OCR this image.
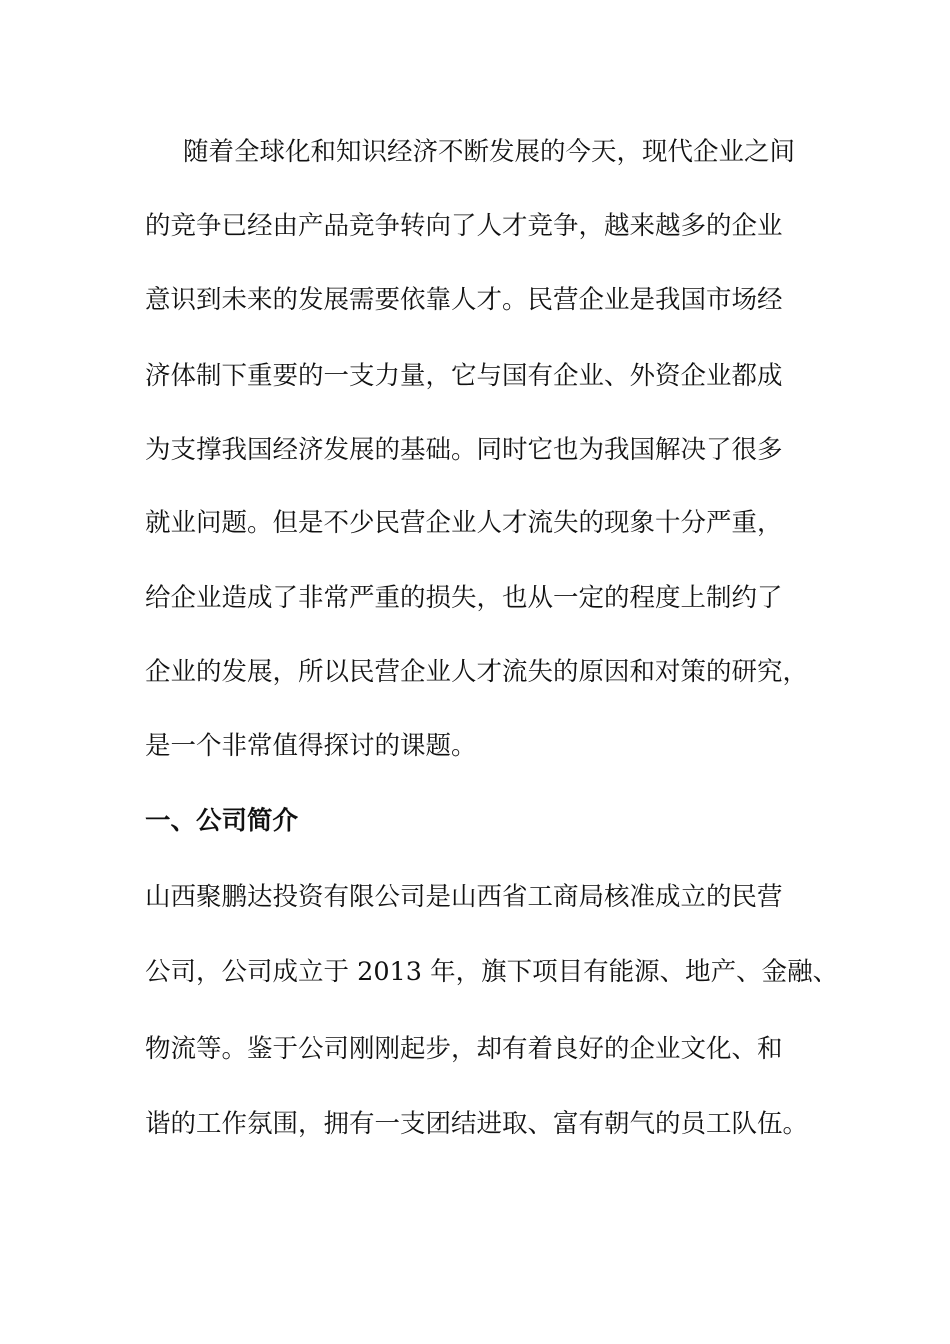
随着全球化和知识经济不断发展的今天，现代企业之间
的竞争已经由产品竞争转向了人才竞争，越来越多的企业
意识到未来的发展需要依靠人才。民营企业是我国市场经
济体制下重要的一支力量，它与国有企业、外资企业都成
为支撑我国经济发展的基础。同时它也为我国解决了很多
就业问题。但是不少民营企业人才流失的现象十分严重，
给企业造成了非常严重的损失，也从一定的程度上制约了
企业的发展，所以民营企业人才流失的原因和对策的研究，
是一个非常值得探讨的课题。
一、公司简介
山西聚鹏达投资有限公司是山西省工商局核准成立的民营
公司，公司成立于 2013 年，旗下项目有能源、地产、金融、
物流等。鉴于公司刚刚起步，却有着良好的企业文化、和
谐的工作氛围，拥有一支团结进取、富有朝气的员工队伍。
